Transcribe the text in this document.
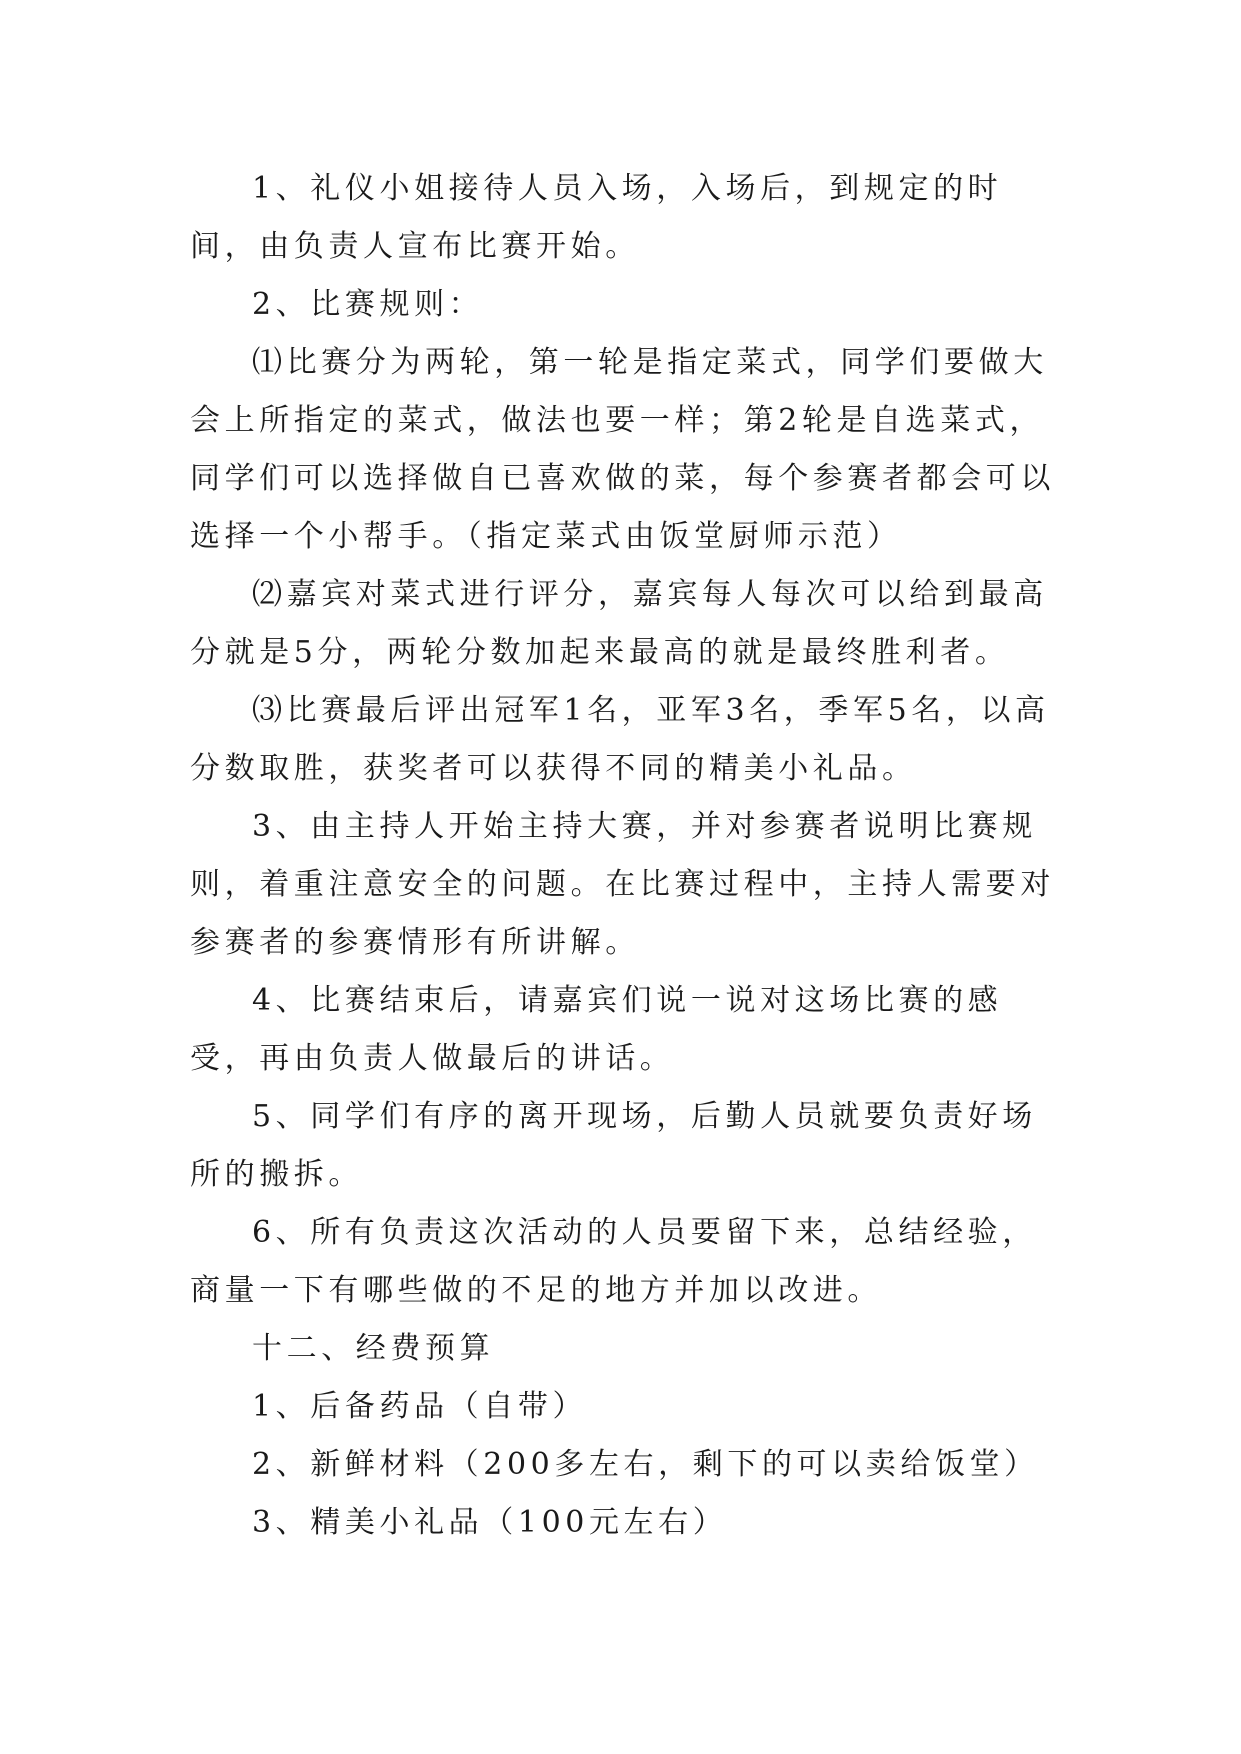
1、礼仪小姐接待人员入场，入场后，到规定的时间，由负责人宣布比赛开始。

2、比赛规则：

⑴比赛分为两轮，第一轮是指定菜式，同学们要做大会上所指定的菜式，做法也要一样；第2轮是自选菜式，同学们可以选择做自已喜欢做的菜，每个参赛者都会可以选择一个小帮手。（指定菜式由饭堂厨师示范）

⑵嘉宾对菜式进行评分，嘉宾每人每次可以给到最高分就是5分，两轮分数加起来最高的就是最终胜利者。

⑶比赛最后评出冠军1名，亚军3名，季军5名，以高分数取胜，获奖者可以获得不同的精美小礼品。

3、由主持人开始主持大赛，并对参赛者说明比赛规则，着重注意安全的问题。在比赛过程中，主持人需要对参赛者的参赛情形有所讲解。

4、比赛结束后，请嘉宾们说一说对这场比赛的感受，再由负责人做最后的讲话。

5、同学们有序的离开现场，后勤人员就要负责好场所的搬拆。

6、所有负责这次活动的人员要留下来，总结经验，商量一下有哪些做的不足的地方并加以改进。

十二、经费预算

1、后备药品（自带）

2、新鲜材料（200多左右，剩下的可以卖给饭堂）

3、精美小礼品（100元左右）
